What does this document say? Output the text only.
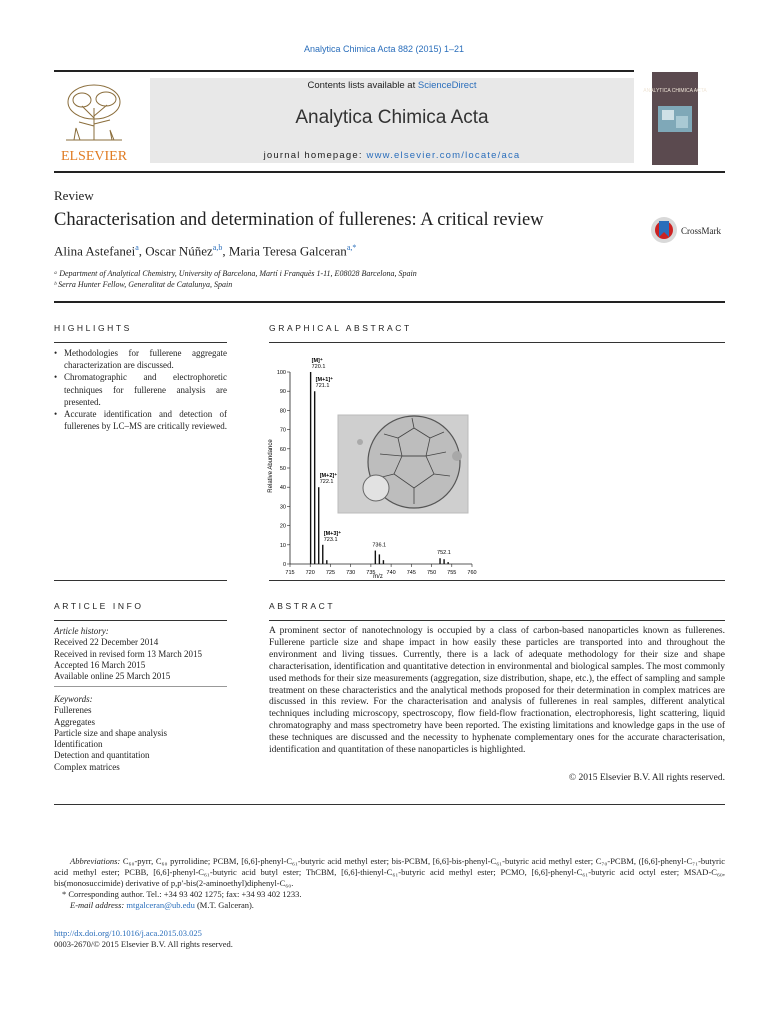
Analytica Chimica Acta 882 (2015) 1–21
ELSEVIER
Contents lists available at ScienceDirect
Analytica Chimica Acta
journal homepage: www.elsevier.com/locate/aca
ANALYTICA CHIMICA ACTA
Review
Characterisation and determination of fullerenes: A critical review
CrossMark
Alina Astefanei$^a$, Oscar Núñez$^{a,b}$, Maria Teresa Galceran$^{a,*}$
ᵃ Department of Analytical Chemistry, University of Barcelona, Martí i Franquès 1-11, E08028 Barcelona, Spain
ᵇ Serra Hunter Fellow, Generalitat de Catalunya, Spain
HIGHLIGHTS
• Methodologies for fullerene aggregate characterization are discussed.
• Chromatographic and electrophoretic techniques for fullerene analysis are presented.
• Accurate identification and detection of fullerenes by LC–MS are critically reviewed.
GRAPHICAL ABSTRACT
0
10
20
30
40
50
60
70
80
90
100
715 720 725 730 735 740 745 750 755 760
[M]⁺
720.1
[M+1]⁺
721.1
[M+2]⁺
722.1
[M+3]⁺
723.1
736.1
752.1
Relative Abundance
m/z
ARTICLE INFO
Article history:
Received 22 December 2014
Received in revised form 13 March 2015
Accepted 16 March 2015
Available online 25 March 2015
Keywords:
Fullerenes
Aggregates
Particle size and shape analysis
Identification
Detection and quantitation
Complex matrices
ABSTRACT
A prominent sector of nanotechnology is occupied by a class of carbon-based nanoparticles known as fullerenes. Fullerene particle size and shape impact in how easily these particles are transported into and throughout the environment and living tissues. Currently, there is a lack of adequate methodology for their size and shape characterisation, identification and quantitative detection in environmental and biological samples. The most commonly used methods for their size measurements (aggregation, size distribution, shape, etc.), the effect of sampling and sample treatment on these characteristics and the analytical methods proposed for their determination in complex matrices are discussed in this review. For the characterisation and analysis of fullerenes in real samples, different analytical techniques including microscopy, spectroscopy, flow field-flow fractionation, electrophoresis, light scattering, liquid chromatography and mass spectrometry have been reported. The existing limitations and knowledge gaps in the use of these techniques are discussed and the necessity to hyphenate complementary ones for the accurate characterisation, identification and quantitation of these nanoparticles is highlighted.
© 2015 Elsevier B.V. All rights reserved.
Abbreviations: C₆₀-pyrr, C₆₀ pyrrolidine; PCBM, [6,6]-phenyl-C₆₁-butyric acid methyl ester; bis-PCBM, [6,6]-bis-phenyl-C₆₁-butyric acid methyl ester; C₇₀-PCBM, ([6,6]-phenyl-C₇₁-butyric acid methyl ester; PCBB, [6,6]-phenyl-C₆₁-butyric acid butyl ester; ThCBM, [6,6]-thienyl-C₆₁-butyric acid methyl ester; PCMO, [6,6]-phenyl-C₆₁-butyric acid octyl ester; MSAD-C₆₀, bis(monosuccimide) derivative of p,p′-bis(2-aminoethyl)diphenyl-C₆₀.
* Corresponding author. Tel.: +34 93 402 1275; fax: +34 93 402 1233.
E-mail address: mtgalceran@ub.edu (M.T. Galceran).
http://dx.doi.org/10.1016/j.aca.2015.03.025
0003-2670/© 2015 Elsevier B.V. All rights reserved.
